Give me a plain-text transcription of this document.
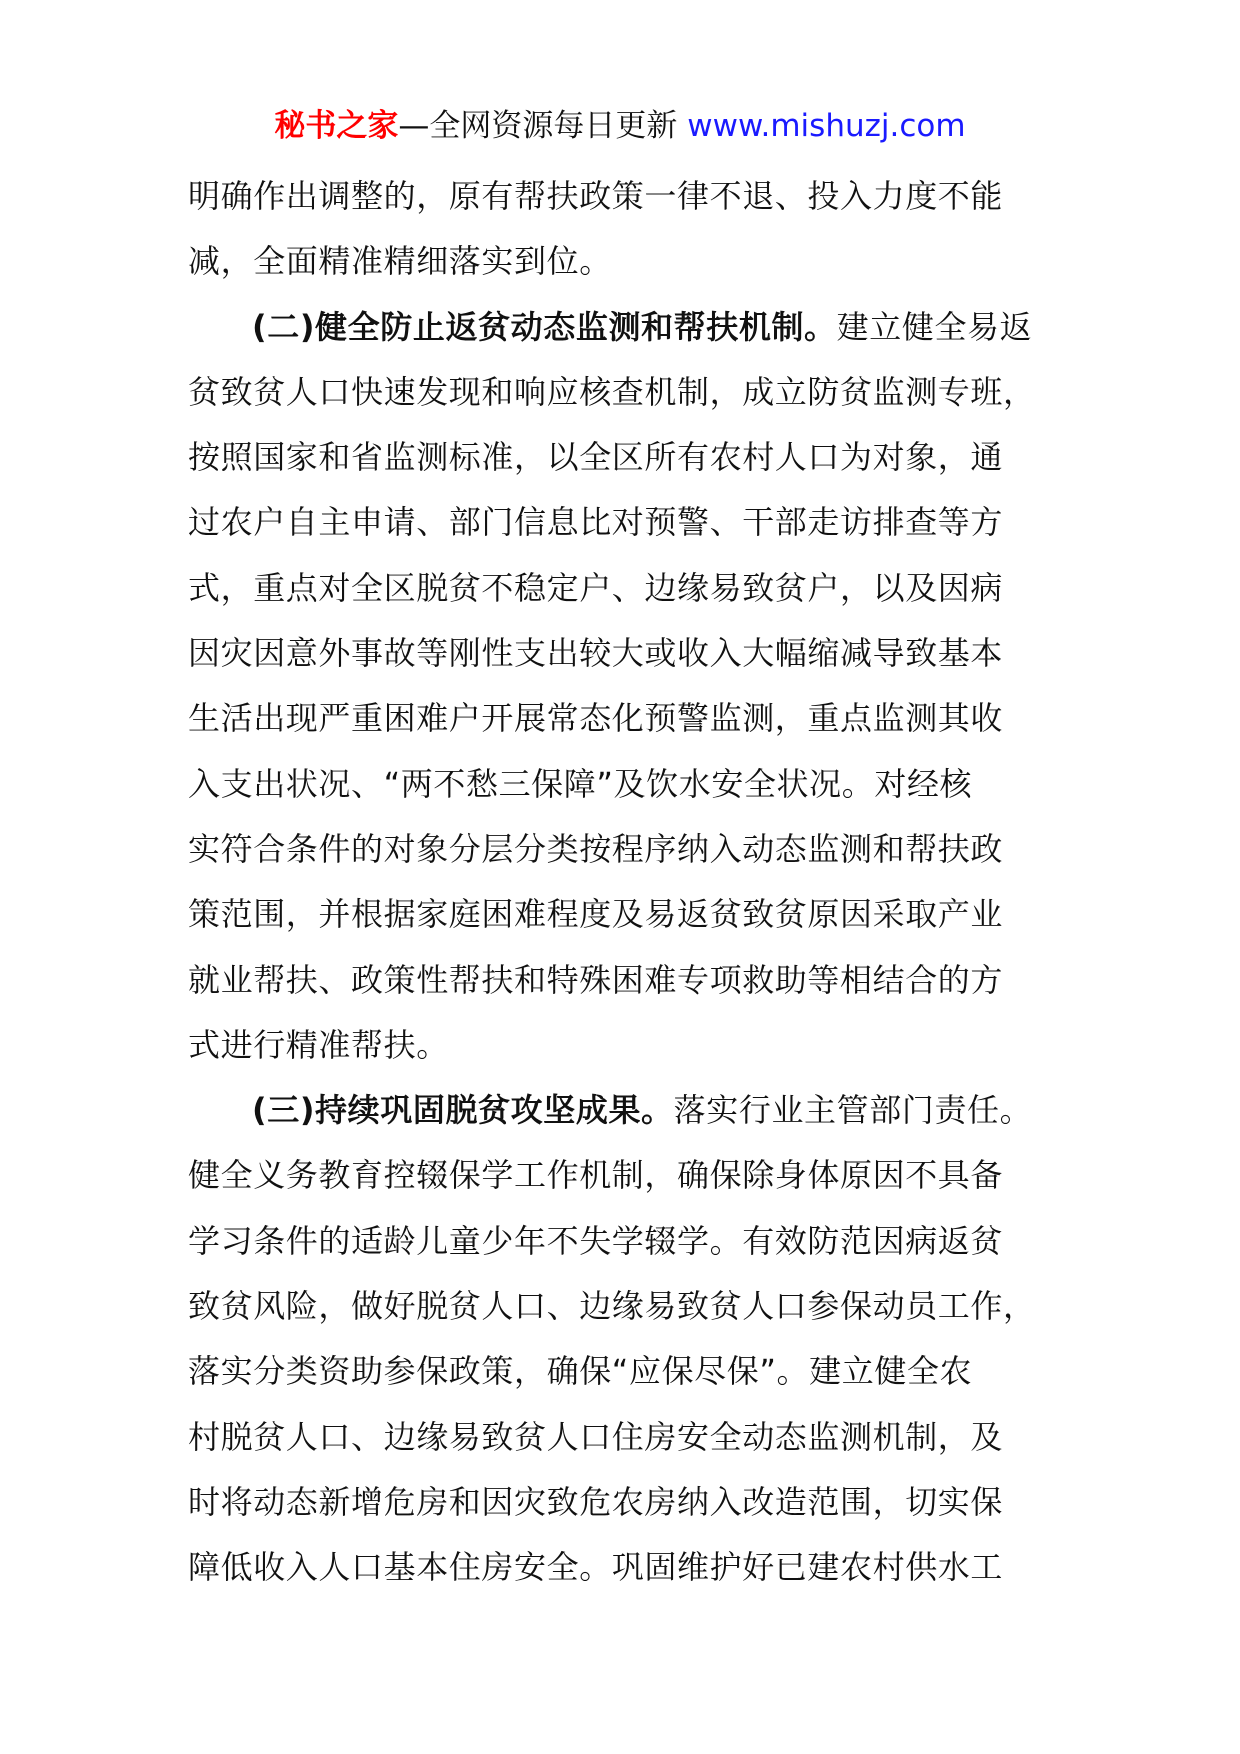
秘书之家—全网资源每日更新 www.mishuzj.com
明确作出调整的，原有帮扶政策一律不退、投入力度不能
减，全面精准精细落实到位。
(二)健全防止返贫动态监测和帮扶机制。建立健全易返
贫致贫人口快速发现和响应核查机制，成立防贫监测专班，
按照国家和省监测标准，以全区所有农村人口为对象，通
过农户自主申请、部门信息比对预警、干部走访排查等方
式，重点对全区脱贫不稳定户、边缘易致贫户，以及因病
因灾因意外事故等刚性支出较大或收入大幅缩减导致基本
生活出现严重困难户开展常态化预警监测，重点监测其收
入支出状况、“两不愁三保障”及饮水安全状况。对经核
实符合条件的对象分层分类按程序纳入动态监测和帮扶政
策范围，并根据家庭困难程度及易返贫致贫原因采取产业
就业帮扶、政策性帮扶和特殊困难专项救助等相结合的方
式进行精准帮扶。
(三)持续巩固脱贫攻坚成果。落实行业主管部门责任。
健全义务教育控辍保学工作机制，确保除身体原因不具备
学习条件的适龄儿童少年不失学辍学。有效防范因病返贫
致贫风险，做好脱贫人口、边缘易致贫人口参保动员工作，
落实分类资助参保政策，确保“应保尽保”。建立健全农
村脱贫人口、边缘易致贫人口住房安全动态监测机制，及
时将动态新增危房和因灾致危农房纳入改造范围，切实保
障低收入人口基本住房安全。巩固维护好已建农村供水工
